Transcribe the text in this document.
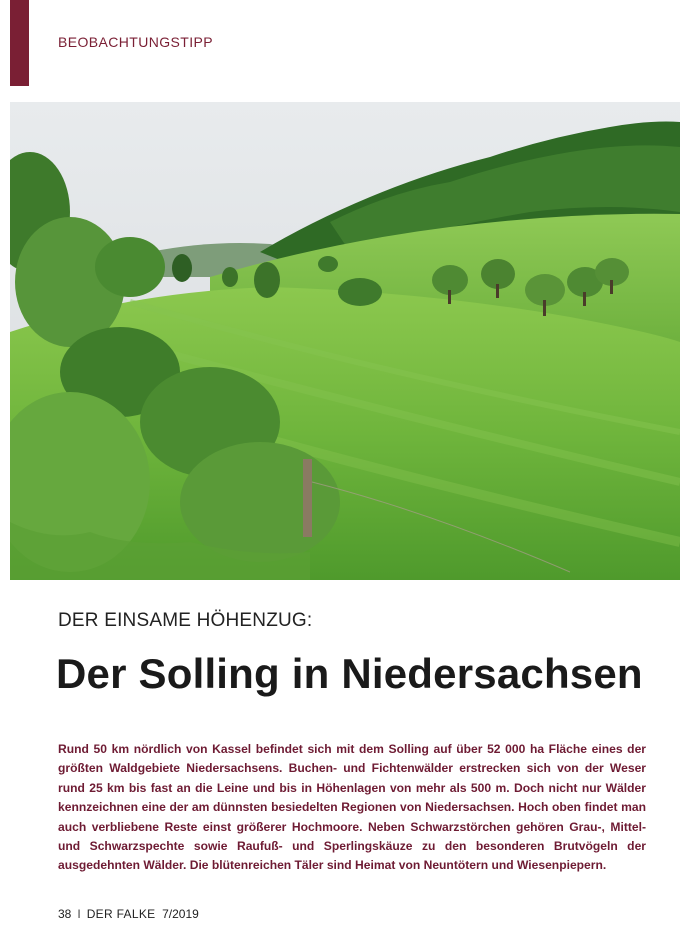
BEOBACHTUNGSTIPP
DER EINSAME HÖHENZUG:
Der Solling in Niedersachsen
Rund 50 km nördlich von Kassel befindet sich mit dem Solling auf über 52 000 ha Fläche eines der größten Waldgebiete Niedersachsens. Buchen- und Fichtenwälder erstrecken sich von der Weser rund 25 km bis fast an die Leine und bis in Höhenlagen von mehr als 500 m. Doch nicht nur Wälder kennzeichnen eine der am dünnsten besiedelten Regionen von Niedersachsen. Hoch oben findet man auch verbliebene Reste einst größerer Hochmoore. Neben Schwarzstörchen gehören Grau-, Mittel- und Schwarzspechte sowie Raufuß- und Sperlingskäuze zu den besonderen Brutvögeln der ausgedehnten Wälder. Die blütenreichen Täler sind Heimat von Neuntötern und Wiesenpiepern.
38 I DER FALKE 7/2019
